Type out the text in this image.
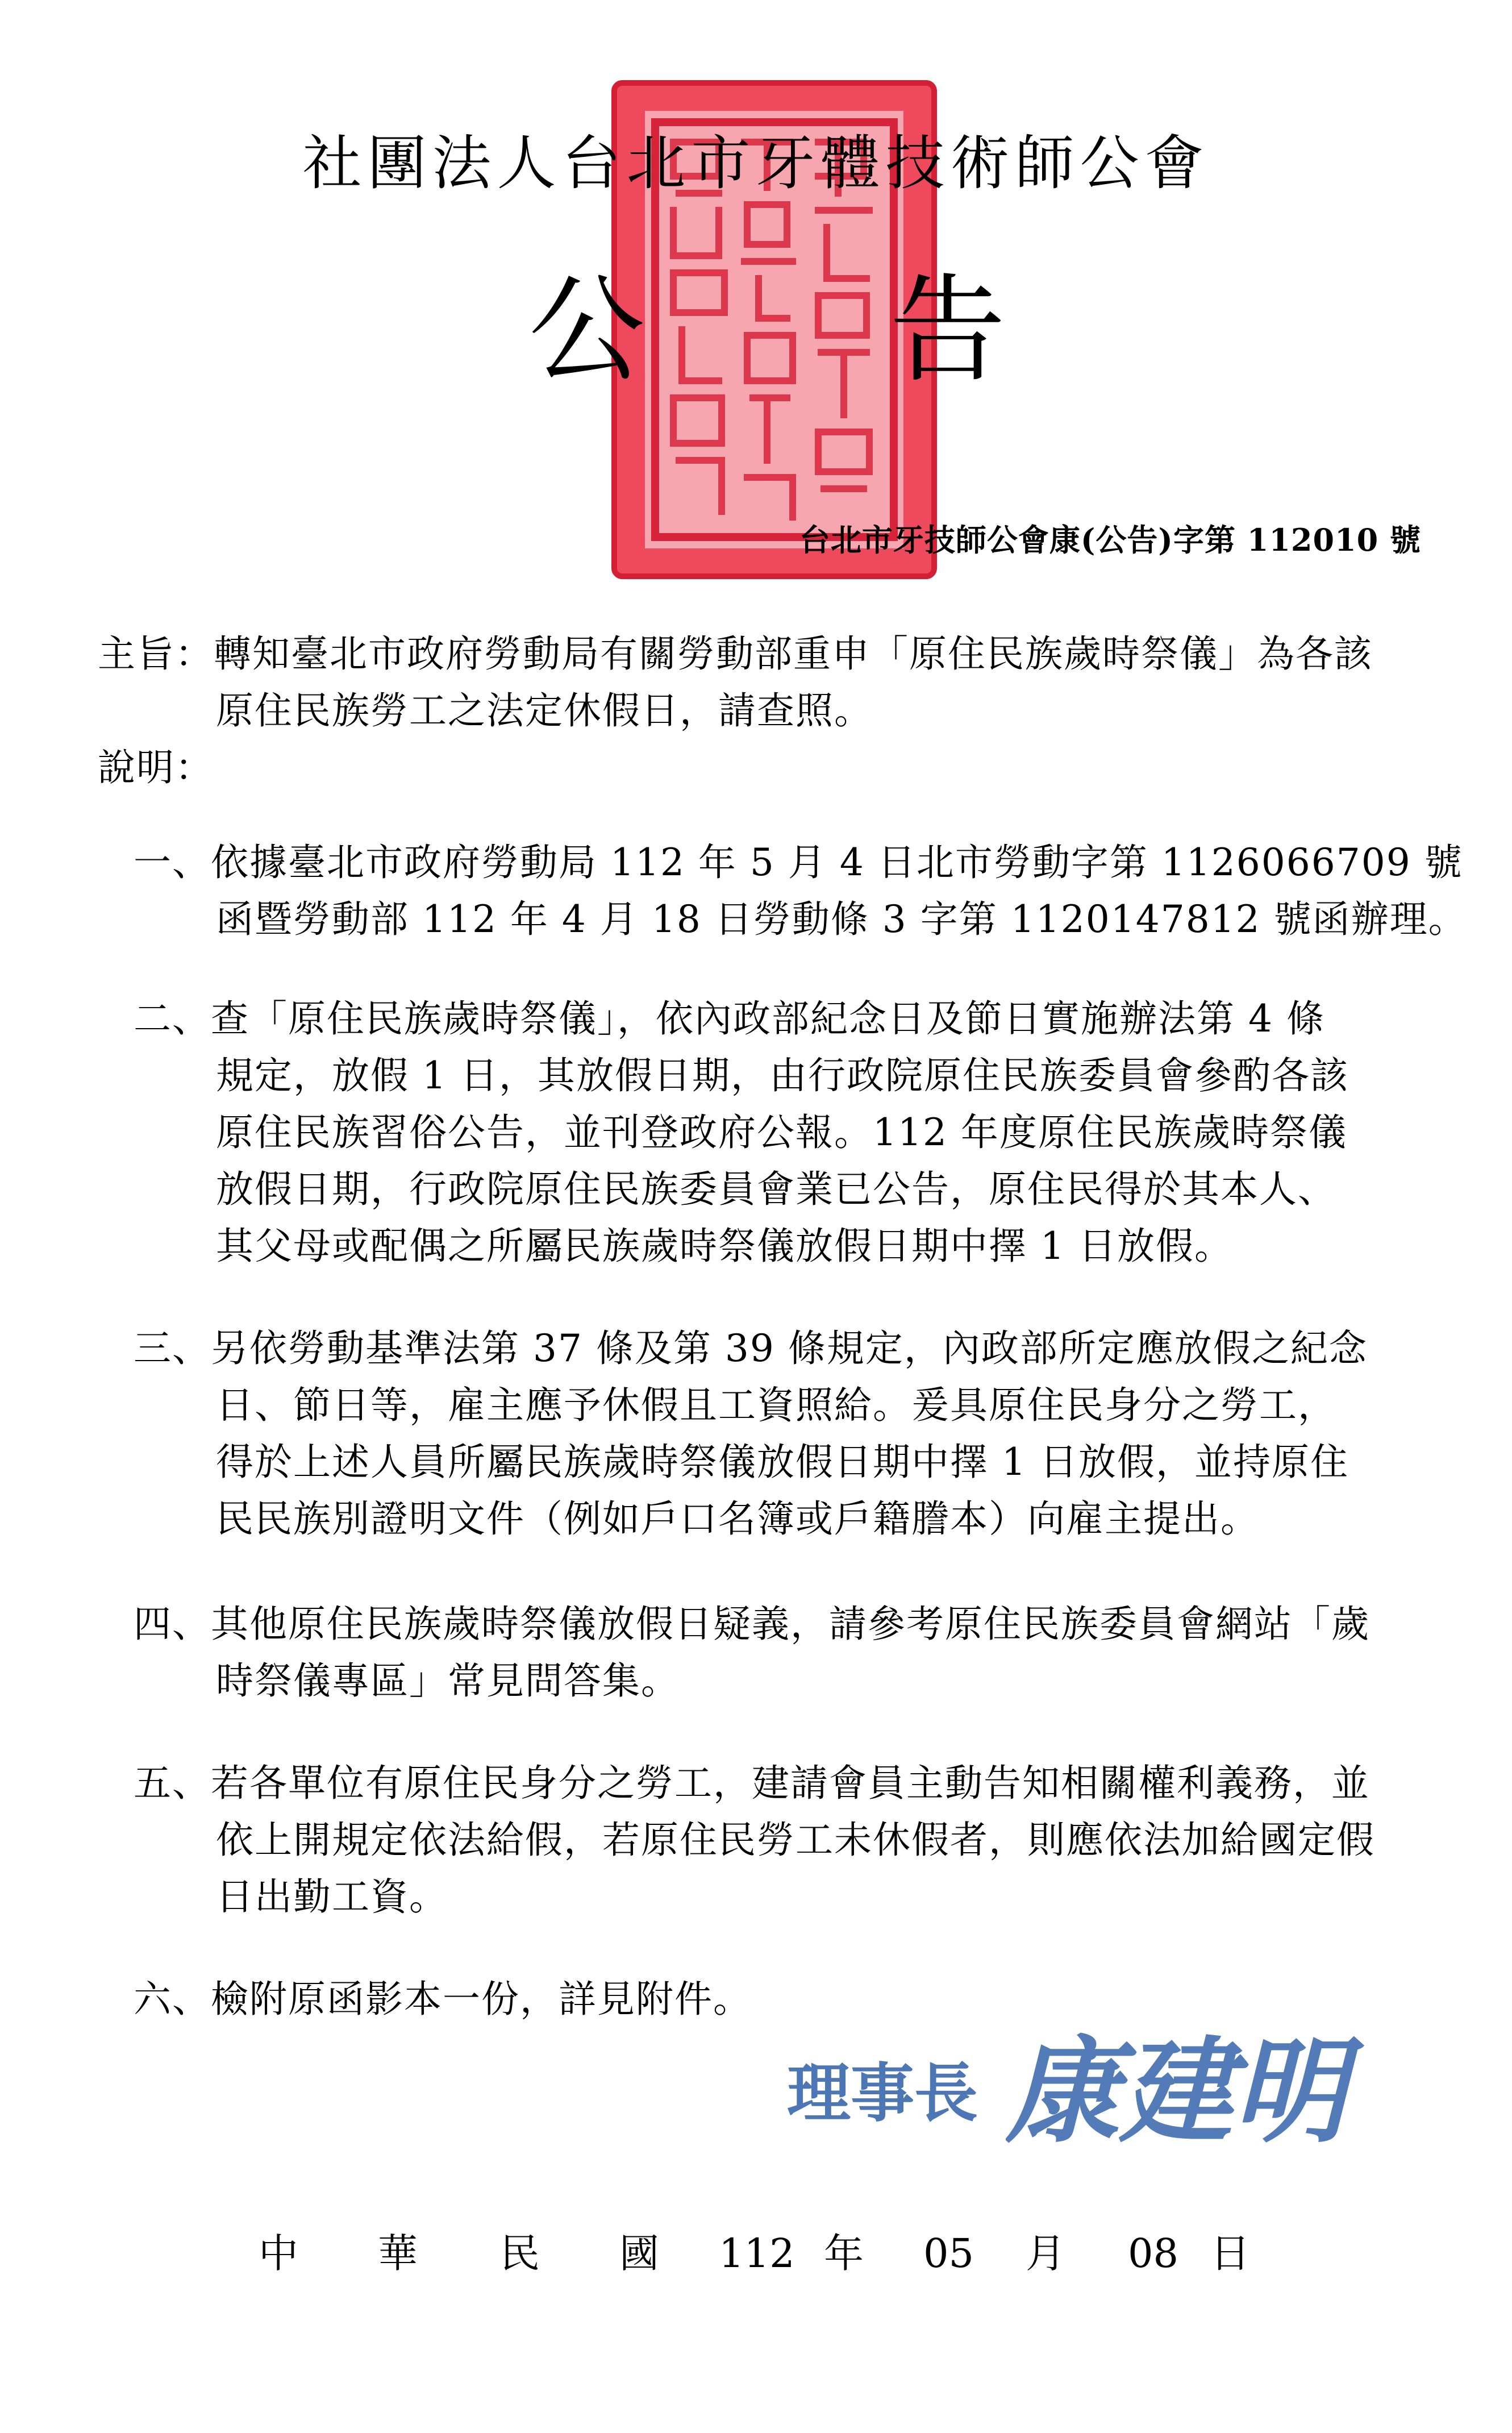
社團法人台北市牙體技術師公會
公 告
台北市牙技師公會康(公告)字第 112010 號
主旨：轉知臺北市政府勞動局有關勞動部重申「原住民族歲時祭儀」為各該
原住民族勞工之法定休假日，請查照。
說明：
一、依據臺北市政府勞動局 112 年 5 月 4 日北市勞動字第 1126066709 號
函暨勞動部 112 年 4 月 18 日勞動條 3 字第 1120147812 號函辦理。
二、查「原住民族歲時祭儀」，依內政部紀念日及節日實施辦法第 4 條
規定，放假 1 日，其放假日期，由行政院原住民族委員會參酌各該
原住民族習俗公告，並刊登政府公報。112 年度原住民族歲時祭儀
放假日期，行政院原住民族委員會業已公告，原住民得於其本人、
其父母或配偶之所屬民族歲時祭儀放假日期中擇 1 日放假。
三、另依勞動基準法第 37 條及第 39 條規定，內政部所定應放假之紀念
日、節日等，雇主應予休假且工資照給。爰具原住民身分之勞工，
得於上述人員所屬民族歲時祭儀放假日期中擇 1 日放假，並持原住
民民族別證明文件（例如戶口名簿或戶籍謄本）向雇主提出。
四、其他原住民族歲時祭儀放假日疑義，請參考原住民族委員會網站「歲
時祭儀專區」常見問答集。
五、若各單位有原住民身分之勞工，建請會員主動告知相關權利義務，並
依上開規定依法給假，若原住民勞工未休假者，則應依法加給國定假
日出勤工資。
六、檢附原函影本一份，詳見附件。
理事長 康建明
中 華 民 國 112 年 05 月 08 日
